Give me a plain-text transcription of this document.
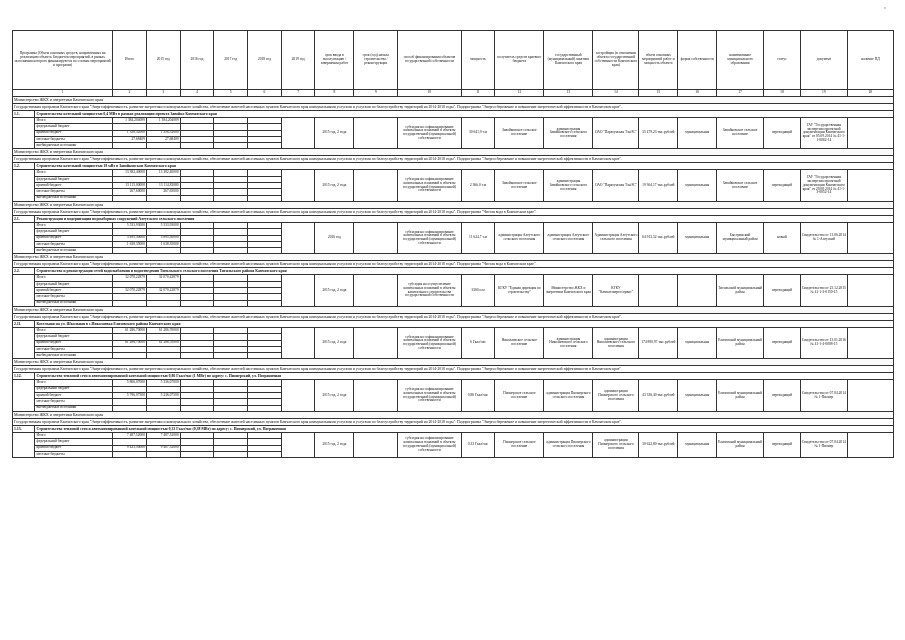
'
Программа (Объем основных средств, направленных на реализацию объекта. Бюджетов мероприятий, в рамках исполнения которого финансируются по статьям мероприятий и программ)		Итого	2015 год	2016 год	2017 год	2018 год	2019 год	срок ввода в эксплуатацию / завершения работ	срок (год) начала строительства / реконструкции	способ финансирования объектов государственной собственности	мощность	получатель средств краевого бюджета	государственный (муниципальный) заказчик Камчатского края	застройщик (в отношении объекта государственной собственности Камчатского края)	объем основных мероприятий работ и мощность объекта	форма собственности	наименование муниципального образования	статус	документ	наличие ПД
1		2	3	4	5	6	7	8	9	10	11	12	13	14	15	16	17	18	19	20
Министерство ЖКХ и энергетики Камчатского края																				
Государственная программа Камчатского края "Энергоэффективность, развитие энергетики и коммунального хозяйства, обеспечение жителей населенных пунктов Камчатского края коммунальными услугами и услугами по благоустройству территорий на 2014-2018 годы". Подпрограмма "Энергосбережение и повышение энергетической эффективности в Камчатском крае".																				
1.1.	Строительство котельной мощностью 0,4 МВт в рамках реализации проекта Завойко Камчатского края																			
	Итого	1 384,204089	1 384,204089					2015 год, 2 года		субсидия на софинансирование капитальных вложений в объекты государственной (муниципальной) собственности	30 641,9 т.м	Завойковское сельское поселение	администрация Завойковского сельского поселения	ОАО "Паратунская ТэнЭС"	35 479,23 тыс.рублей	муниципальная	Завойковское сельское поселение	переходящий	ГАУ "Государственная экспертиза проектной документации Камчатского края" от 05.09.2014 № 41-1-1-0082-14	
	федеральный бюджет																			
	краевой бюджет	1 356,52000	1 356,52000																	
	местные бюджеты	27,68409	27,68409																	
	внебюджетные источники																			
Министерство ЖКХ и энергетики Камчатского края																				
Государственная программа Камчатского края "Энергоэффективность, развитие энергетики и коммунального хозяйства, обеспечение жителей населенных пунктов Камчатского края коммунальными услугами и услугами по благоустройству территорий на 2014-2018 годы". Подпрограмма "Энергосбережение и повышение энергетической эффективности в Камчатском крае".																				
1.2.	Строительство котельной мощностью 18 мВт в Завойковском Камчатского края																			
	Итого	13 382,40000	13 382,40000					2015 год, 2 года		субсидия на софинансирование капитальных вложений в объекты государственной (муниципальной) собственности	2 366,0 т.м	Завойковское сельское поселение	администрация Завойковского сельского поселения	ОАО "Паратунская ТэнЭС"	19 364,17 тыс.рублей	муниципальная	Завойковское сельское поселение	переходящий	ГАУ "Государственная экспертиза проектной документации Камчатского края" от 29.08.2014 № 41-1-3-0052-14	
	федеральный бюджет																			
	краевой бюджет	13 115,00000	13 114,83080																	
	местные бюджеты	267,60000	267,65000																	
	внебюджетные источники																			
Министерство ЖКХ и энергетики Камчатского края																				
Государственная программа Камчатского края "Энергоэффективность, развитие энергетики и коммунального хозяйства, обеспечение жителей населенных пунктов Камчатского края коммунальными услугами и услугами по благоустройству территорий на 2014-2018 годы". Подпрограмма "Чистая вода в Камчатском крае".																				
2.1.	Реконструкция и модернизация водозаборных сооружений Алеутского сельского поселения																			
	Итого	5 533,93000	5 533,93000					2016 год		субсидия на софинансирование капитальных вложений в объекты государственной (муниципальной) собственности	11 624,7 т.м	администрация Алеутского сельского поселения	администрация Алеутского сельского поселения	Администрация Алеутского сельского поселения	64 913,52 тыс.рублей	муниципальная	Быстринский муниципальный район	новый	Свидетельство от 13.06.2014 № 1-Алеуский	
	федеральный бюджет																			
	краевой бюджет	3 495,30000	3 895,30000																	
	местные бюджеты	1 638,35000	1 638,35000																	
	внебюджетные источники																			
Министерство ЖКХ и энергетики Камчатского края																				
Государственная программа Камчатского края "Энергоэффективность, развитие энергетики и коммунального хозяйства, обеспечение жителей населенных пунктов Камчатского края коммунальными услугами и услугами по благоустройству территорий на 2014-2018 годы". Подпрограмма "Чистая вода в Камчатском крае".																				
2.2.	Строительство и реконструкция сетей водоснабжения и водоотведения Тигильского сельского поселения Тигильского района Камчатского края																			
	Итого	32 070,22879	32 070,22879					2015 год, 2 года		субсидия на осуществление капитальных вложений в объекты капитального строительства государственной собственности	3360 п.м	КГКУ "Единая дирекция по строительству"	Министерство ЖКХ и энергетики Камчатского края	КГКУ "Камчатэнергосервис"			Тигильский муниципальный район	переходящий	Свидетельство от 25.12.2015 № 41-1-3-0150-15	
	федеральный бюджет																			
	краевой бюджет	32 070,22879	32 070,22879																	
	местные бюджеты																			
	внебюджетные источники																			
Министерство ЖКХ и энергетики Камчатского края																				
Государственная программа Камчатского края "Энергоэффективность, развитие энергетики и коммунального хозяйства, обеспечение жителей населенных пунктов Камчатского края коммунальными услугами и услугами по благоустройству территорий на 2014-2018 годы". Подпрограмма "Энергосбережение и повышение энергетической эффективности в Камчатском крае".																				
2.11.	Котельная на ул. Школьная в с.Николаевка Елизовского района Камчатского края																			
	Итого	61 286,70000	61 286,70000					2015 год, 2 года		субсидия на софинансирование капитальных вложений в объекты государственной (муниципальной) собственности	6 Гкал/час	Николаевское сельское поселение	администрация Николаевского сельского поселения	администрация Николаевского сельского поселения	174 890,97 тыс.рублей	муниципальная	Елизовский муниципальный район	переходящий	Свидетельство от 13.01.2016 № 41-1-4-0008-15	
	федеральный бюджет																			
	краевой бюджет	61 286,70000	61 286,70000																	
	местные бюджеты																			
	внебюджетные источники																			
Министерство ЖКХ и энергетики Камчатского края																				
Государственная программа Камчатского края "Энергоэффективность, развитие энергетики и коммунального хозяйства, обеспечение жителей населенных пунктов Камчатского края коммунальными услугами и услугами по благоустройству территорий на 2014-2018 годы". Подпрограмма "Энергосбережение и повышение энергетической эффективности в Камчатском крае".																				
1.12.	Строительство тепловой сети и автоматизированной котельной мощностью 0,86 Гкал/час (1 МВт) по адресу: с. Пионерский, ул. Пограничная																			
	Итого	5 866,07000	5 336,07000					2015 год, 2 года		субсидия на софинансирование капитальных вложений в объекты государственной (муниципальной) собственности	0,86 Гкал/час	Пионерское сельское поселение	администрация Пионерского сельского поселения	администрация Пионерского сельского поселения	43 336,40 тыс.рублей	муниципальная	Елизовский муниципальный район	переходящий	Свидетельство от 07.04.2014 № 1-Пионер	
	федеральный бюджет																			
	краевой бюджет	5 796,07500	5 236,07500																	
	местные бюджеты																			
	внебюджетные источники																			
Министерство ЖКХ и энергетики Камчатского края																				
Государственная программа Камчатского края "Энергоэффективность, развитие энергетики и коммунального хозяйства, обеспечение жителей населенных пунктов Камчатского края коммунальными услугами и услугами по благоустройству территорий на 2014-2018 годы". Подпрограмма "Энергосбережение и повышение энергетической эффективности в Камчатском крае".																				
1.13.	Строительство тепловой сети и автоматизированной котельной мощностью 0,33 Гкал/час (0,38 МВт) по адресу: с. Пионерский, ул. Пограничная																			
	Итого	7 487,52000	7 487,52000					2015 год, 2 года		субсидия на софинансирование капитальных вложений в объекты государственной (муниципальной) собственности	0,33 Гкал/час	Пионерское сельское поселение	администрация Пионерского сельского поселения	администрация Пионерского сельского поселения	30 622,80 тыс.рублей	муниципальная	Елизовский муниципальный район	переходящий	Свидетельство от 07.04.2014 № 1-Пионер	
	федеральный бюджет																			
	краевой бюджет	9 423,50000	9 407,52000																	
	местные бюджеты																			
